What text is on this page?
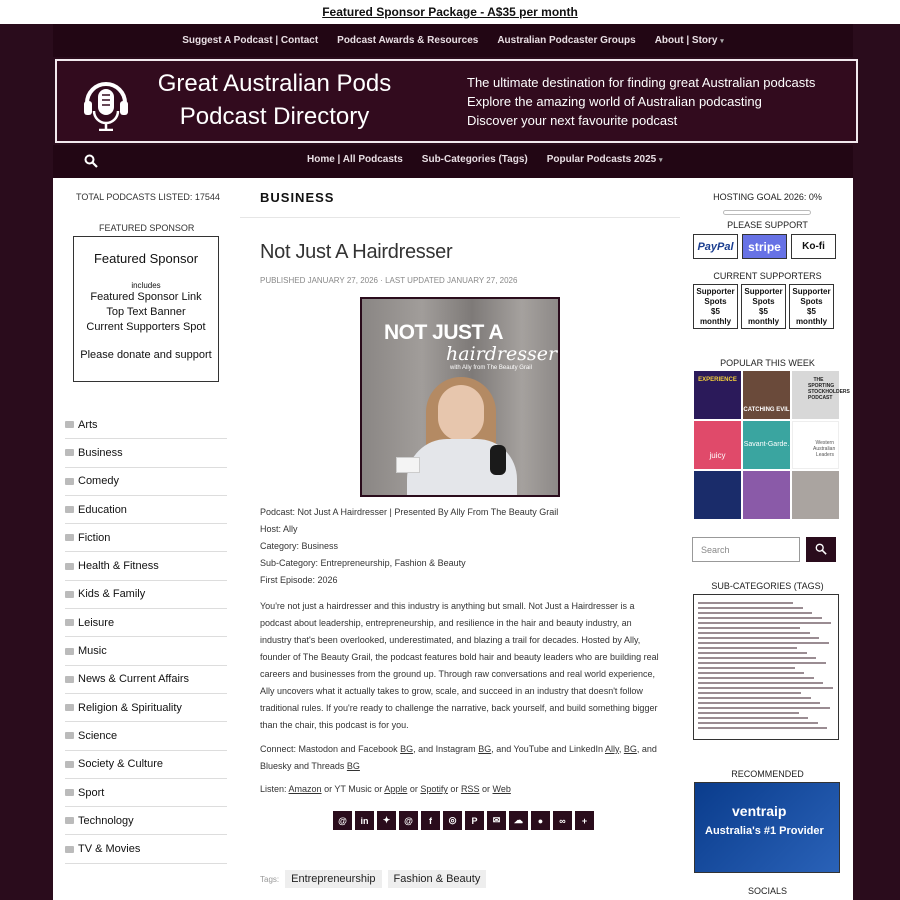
Featured Sponsor Package - A$35 per month
Suggest A Podcast | Contact Podcast Awards & Resources Australian Podcaster Groups About | Story ▾
Great Australian Pods
Podcast Directory
The ultimate destination for finding great Australian podcasts
Explore the amazing world of Australian podcasting
Discover your next favourite podcast
Home | All Podcasts Sub-Categories (Tags) Popular Podcasts 2025 ▾
TOTAL PODCASTS LISTED: 17544
FEATURED SPONSOR
Featured Sponsor
includes
Featured Sponsor Link
Top Text Banner
Current Supporters Spot
Please donate and support
Arts
Business
Comedy
Education
Fiction
Health & Fitness
Kids & Family
Leisure
Music
News & Current Affairs
Religion & Spirituality
Science
Society & Culture
Sport
Technology
TV & Movies
BUSINESS
Not Just A Hairdresser
PUBLISHED JANUARY 27, 2026 · LAST UPDATED JANUARY 27, 2026
NOT JUST A
hairdresser
with Ally from The Beauty Grail
Podcast: Not Just A Hairdresser | Presented By Ally From The Beauty Grail
Host: Ally
Category: Business
Sub-Category: Entrepreneurship, Fashion & Beauty
First Episode: 2026
You're not just a hairdresser and this industry is anything but small. Not Just a Hairdresser is a podcast about leadership, entrepreneurship, and resilience in the hair and beauty industry, an industry that's been overlooked, underestimated, and blazing a trail for decades. Hosted by Ally, founder of The Beauty Grail, the podcast features bold hair and beauty leaders who are building real careers and businesses from the ground up. Through raw conversations and real world experience, Ally uncovers what it actually takes to grow, scale, and succeed in an industry that doesn't follow traditional rules. If you're ready to challenge the narrative, back yourself, and build something bigger than the chair, this podcast is for you.
Connect: Mastodon and Facebook BG, and Instagram BG, and YouTube and LinkedIn Ally, BG, and Bluesky and Threads BG
Listen: Amazon or YT Music or Apple or Spotify or RSS or Web
@	in	✦	@	f	◎	P	✉	☁	●	∞	+
Tags:	Entrepreneurship	Fashion & Beauty
HOSTING GOAL 2026: 0%
PLEASE SUPPORT
PayPal	stripe	Ko-fi
CURRENT SUPPORTERS
Supporter
Spots
$5
monthly
Supporter
Spots
$5
monthly
Supporter
Spots
$5
monthly
POPULAR THIS WEEK
EXPERIENCE
CATCHING EVIL
THE SPORTING STOCKHOLDERS PODCAST
juicy
Savant-Garde.	Western Australian Leaders
Search
SUB-CATEGORIES (TAGS)
RECOMMENDED
ventraip
Australia's #1 Provider
SOCIALS
